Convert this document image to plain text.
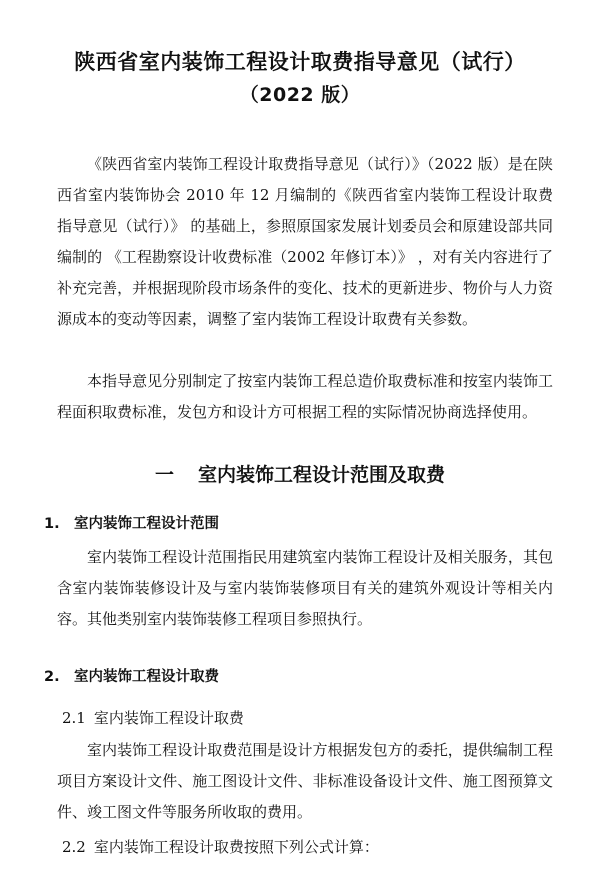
陕西省室内装饰工程设计取费指导意见（试行）
（2022 版）

《陕西省室内装饰工程设计取费指导意见（试行）》（2022 版）是在陕西省室内装饰协会 2010 年 12 月编制的《陕西省室内装饰工程设计取费指导意见（试行）》 的基础上，参照原国家发展计划委员会和原建设部共同编制的 《工程勘察设计收费标准（2002 年修订本）》 ，对有关内容进行了补充完善，并根据现阶段市场条件的变化、技术的更新进步、物价与人力资源成本的变动等因素，调整了室内装饰工程设计取费有关参数。

本指导意见分别制定了按室内装饰工程总造价取费标准和按室内装饰工程面积取费标准，发包方和设计方可根据工程的实际情况协商选择使用。

一 室内装饰工程设计范围及取费
1. 室内装饰工程设计范围

室内装饰工程设计范围指民用建筑室内装饰工程设计及相关服务，其包含室内装饰装修设计及与室内装饰装修项目有关的建筑外观设计等相关内容。其他类别室内装饰装修工程项目参照执行。

2. 室内装饰工程设计取费
2.1 室内装饰工程设计取费

室内装饰工程设计取费范围是设计方根据发包方的委托，提供编制工程项目方案设计文件、施工图设计文件、非标准设备设计文件、施工图预算文件、竣工图文件等服务所收取的费用。

2.2 室内装饰工程设计取费按照下列公式计算：
